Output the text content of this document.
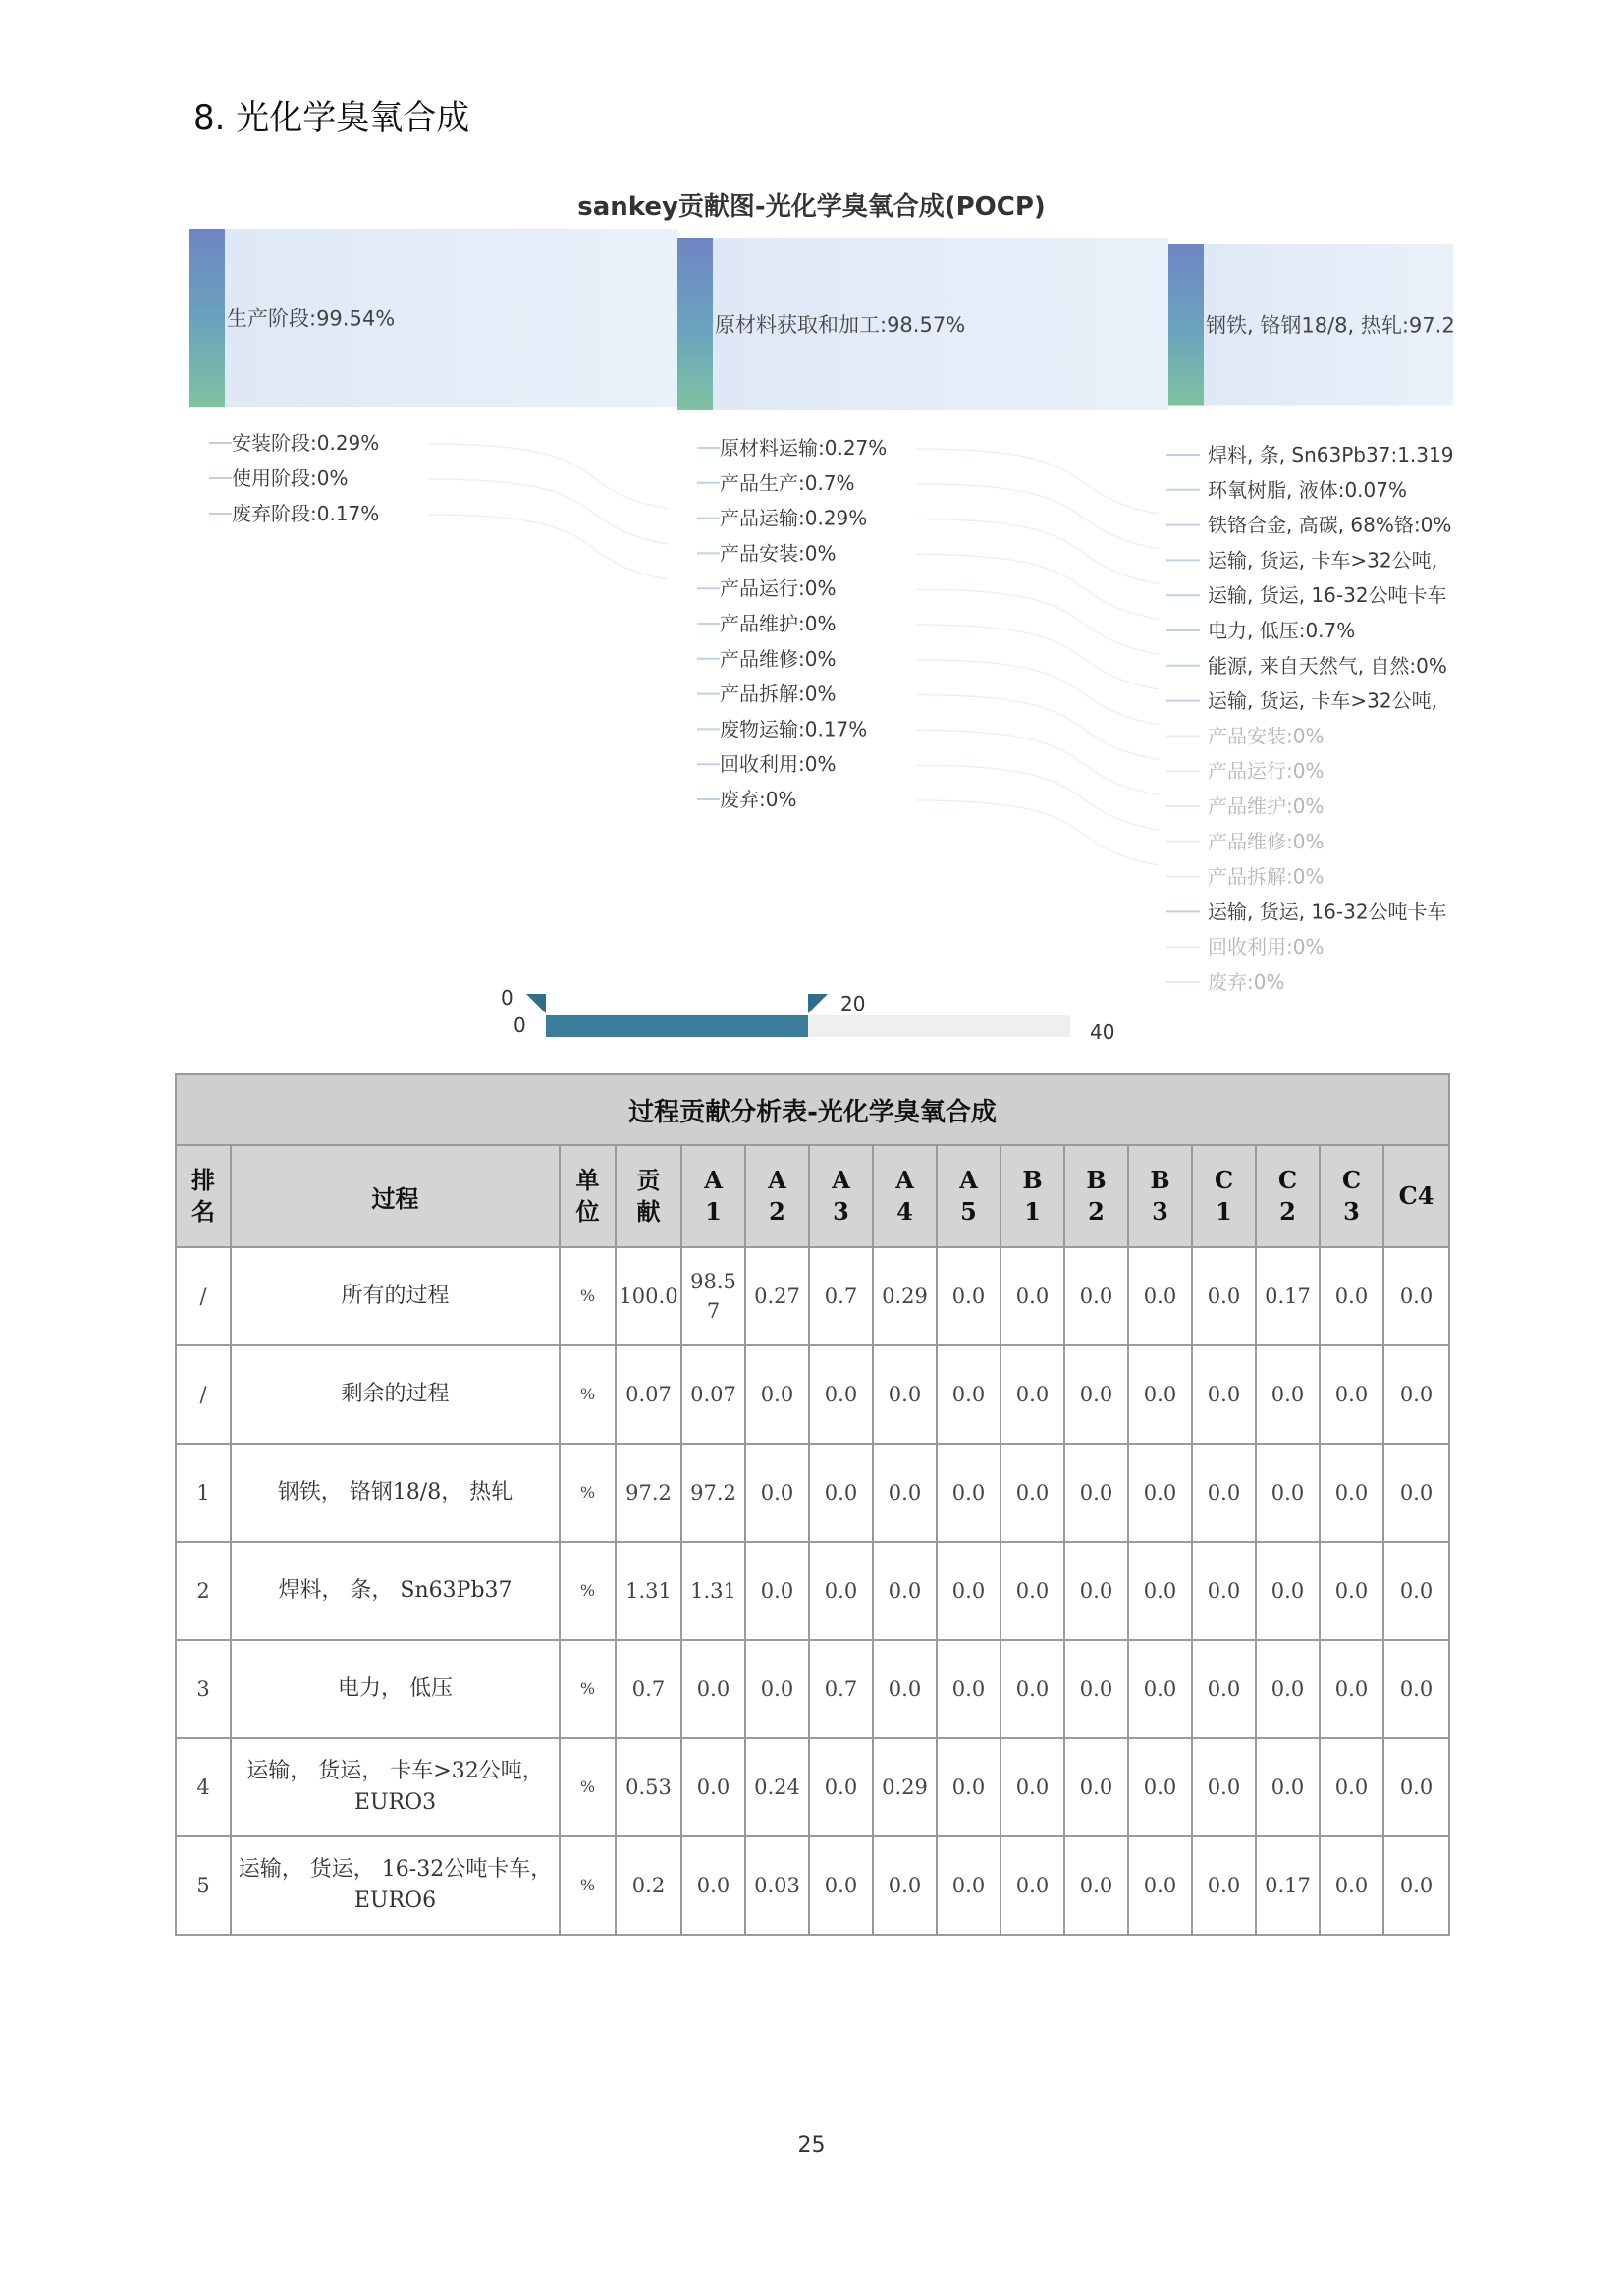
8. 光化学臭氧合成
sankey贡献图-光化学臭氧合成(POCP)
生产阶段:99.54%
安装阶段:0.29%
使用阶段:0%
废弃阶段:0.17%
原材料获取和加工:98.57%
原材料运输:0.27%
产品生产:0.7%
产品运输:0.29%
产品安装:0%
产品运行:0%
产品维护:0%
产品维修:0%
产品拆解:0%
废物运输:0.17%
回收利用:0%
废弃:0%
钢铁, 铬钢18/8, 热轧:97.2
焊料, 条, Sn63Pb37:1.319
环氧树脂, 液体:0.07%
铁铬合金, 高碳, 68%铬:0%
运输, 货运, 卡车>32公吨,
运输, 货运, 16-32公吨卡车
电力, 低压:0.7%
能源, 来自天然气, 自然:0%
运输, 货运, 卡车>32公吨,
产品安装:0%
产品运行:0%
产品维护:0%
产品维修:0%
产品拆解:0%
运输, 货运, 16-32公吨卡车
回收利用:0%
废弃:0%
0
0
20
40
过程贡献分析表-光化学臭氧合成															
排名	过程	单位	贡献	A1	A2	A3	A4	A5	B1	B2	B3	C1	C2	C3	C4
/	所有的过程	%	100.0	98.57	0.27	0.7	0.29	0.0	0.0	0.0	0.0	0.0	0.17	0.0	0.0
/	剩余的过程	%	0.07	0.07	0.0	0.0	0.0	0.0	0.0	0.0	0.0	0.0	0.0	0.0	0.0
1	钢铁， 铬钢18/8， 热轧	%	97.2	97.2	0.0	0.0	0.0	0.0	0.0	0.0	0.0	0.0	0.0	0.0	0.0
2	焊料， 条， Sn63Pb37	%	1.31	1.31	0.0	0.0	0.0	0.0	0.0	0.0	0.0	0.0	0.0	0.0	0.0
3	电力， 低压	%	0.7	0.0	0.0	0.7	0.0	0.0	0.0	0.0	0.0	0.0	0.0	0.0	0.0
4	运输， 货运， 卡车>32公吨， EURO3	%	0.53	0.0	0.24	0.0	0.29	0.0	0.0	0.0	0.0	0.0	0.0	0.0	0.0
5	运输， 货运， 16-32公吨卡车， EURO6	%	0.2	0.0	0.03	0.0	0.0	0.0	0.0	0.0	0.0	0.0	0.17	0.0	0.0
25
